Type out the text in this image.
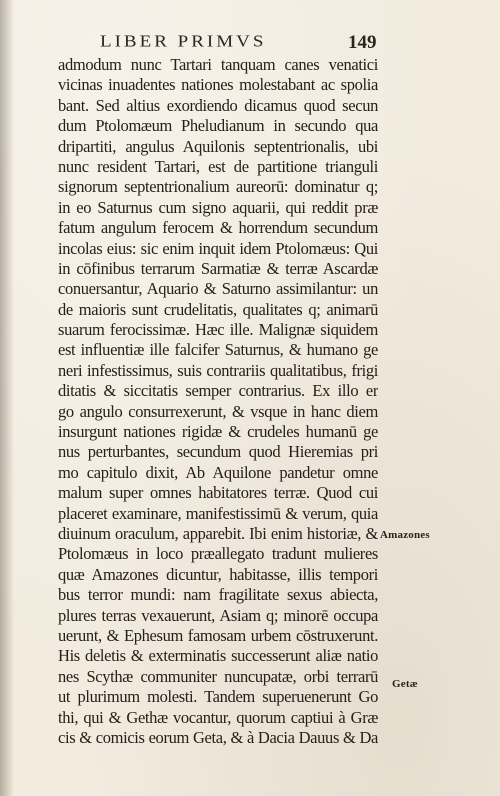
LIBER PRIMVS	149
admodum nunc Tartari tanquam canes venatici
vicinas inuadentes nationes molestabant ac spolia
bant. Sed altius exordiendo dicamus quod secun
dum Ptolomæum Pheludianum in secundo qua
dripartiti, angulus Aquilonis septentrionalis, ubi
nunc resident Tartari, est de partitione trianguli
signorum septentrionalium aureorū: dominatur q;
in eo Saturnus cum signo aquarii, qui reddit præ
fatum angulum ferocem & horrendum secundum
incolas eius: sic enim inquit idem Ptolomæus: Qui
in cōfinibus terrarum Sarmatiæ & terræ Ascardæ
conuersantur, Aquario & Saturno assimilantur: un
de maioris sunt crudelitatis, qualitates q; animarū
suarum ferocissimæ. Hæc ille. Malignæ siquidem
est influentiæ ille falcifer Saturnus, & humano ge
neri infestissimus, suis contrariis qualitatibus, frigi
ditatis & siccitatis semper contrarius. Ex illo er
go angulo consurrexerunt, & vsque in hanc diem
insurgunt nationes rigidæ & crudeles humanū ge
nus perturbantes, secundum quod Hieremias pri
mo capitulo dixit, Ab Aquilone pandetur omne
malum super omnes habitatores terræ. Quod cui
placeret examinare, manifestissimū & verum, quia
diuinum oraculum, apparebit. Ibi enim historiæ, &
Ptolomæus in loco præallegato tradunt mulieres
quæ Amazones dicuntur, habitasse, illis tempori
bus terror mundi: nam fragilitate sexus abiecta,
plures terras vexauerunt, Asiam q; minorē occupa
uerunt, & Ephesum famosam urbem cōstruxerunt.
His deletis & exterminatis successerunt aliæ natio
nes Scythæ communiter nuncupatæ, orbi terrarū
ut plurimum molesti. Tandem superuenerunt Go
thi, qui & Gethæ vocantur, quorum captiui à Græ
cis & comicis eorum Geta, & à Dacia Dauus & Da
Amazones
Getæ
